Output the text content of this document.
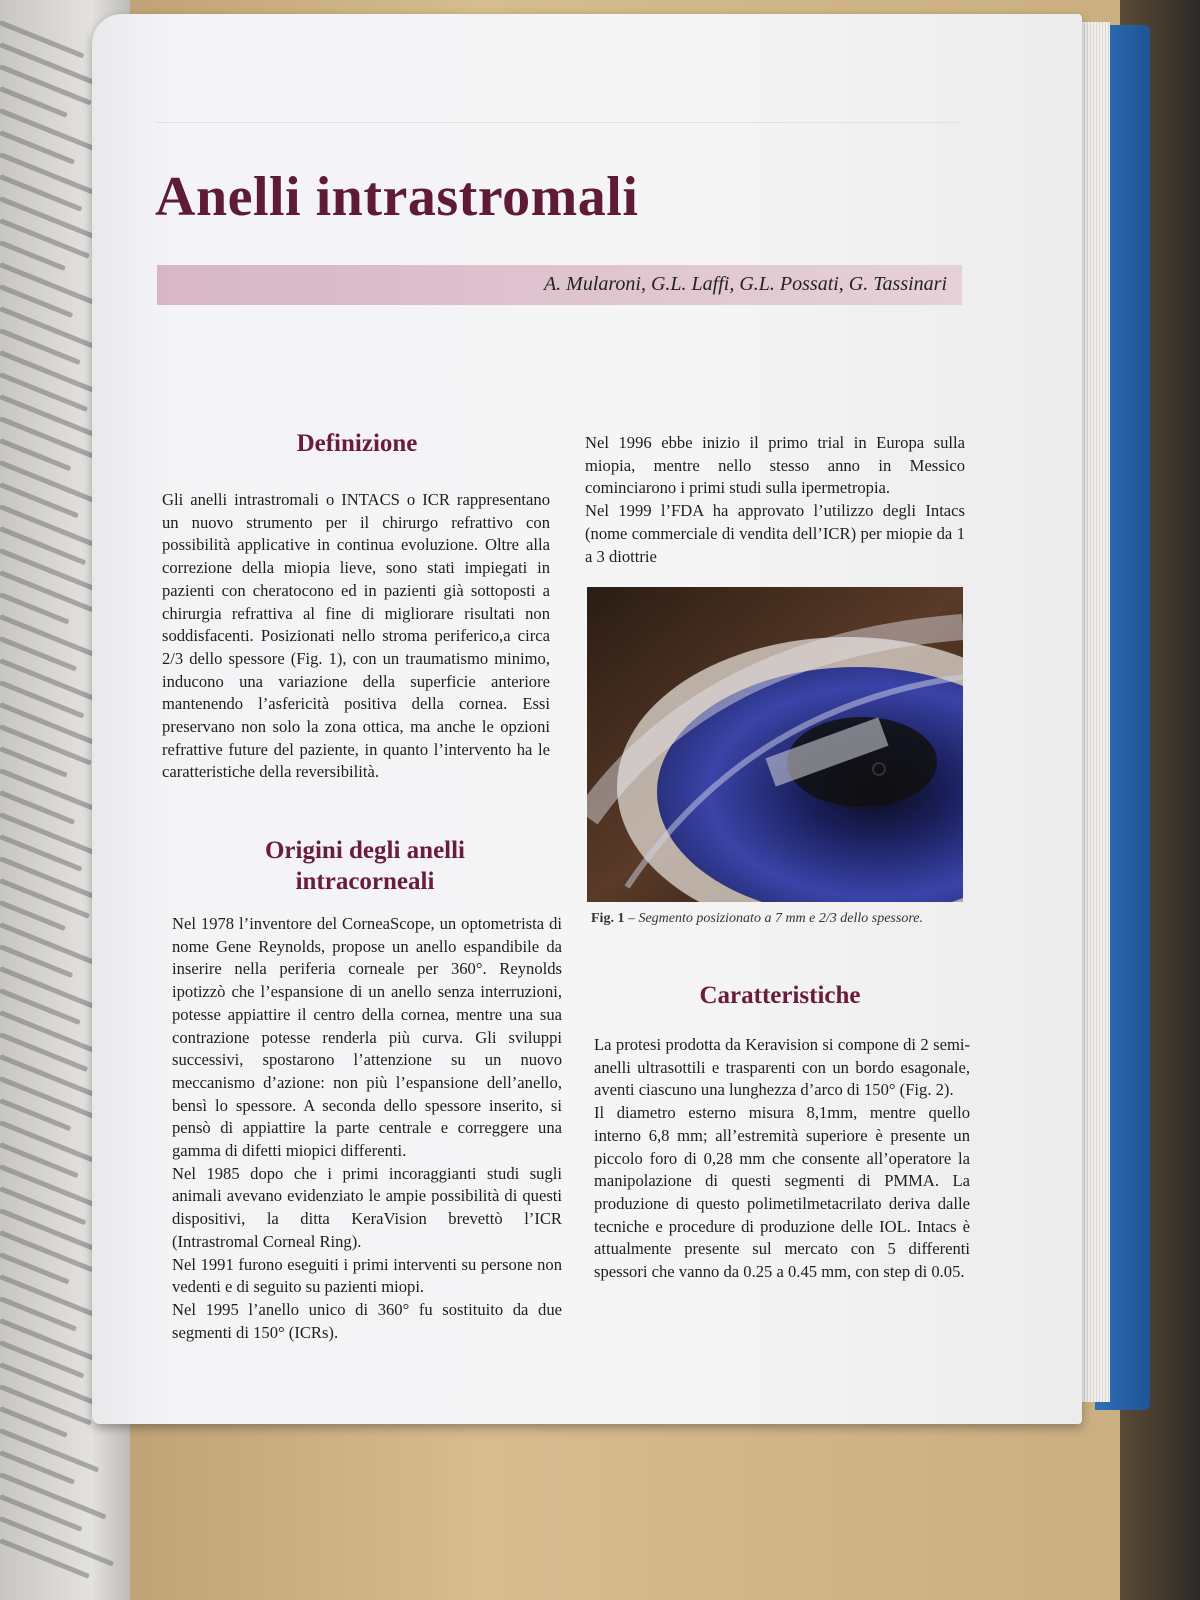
Anelli intrastromali
A. Mularoni, G.L. Laffi, G.L. Possati, G. Tassinari
Definizione

Gli anelli intrastromali o INTACS o ICR rappresentano un nuovo strumento per il chirurgo refrattivo con possibilità applicative in continua evoluzione. Oltre alla correzione della miopia lieve, sono stati impiegati in pazienti con cheratocono ed in pazienti già sottoposti a chirurgia refrattiva al fine di migliorare risultati non soddisfacenti. Posizionati nello stroma periferico,a circa 2/3 dello spessore (Fig. 1), con un traumatismo minimo, inducono una variazione della superficie anteriore mantenendo l’asfericità positiva della cornea. Essi preservano non solo la zona ottica, ma anche le opzioni refrattive future del paziente, in quanto l’intervento ha le caratteristiche della reversibilità.

Origini degli anelli
intracorneali

Nel 1978 l’inventore del CorneaScope, un optometrista di nome Gene Reynolds, propose un anello espandibile da inserire nella periferia corneale per 360°. Reynolds ipotizzò che l’espansione di un anello senza interruzioni, potesse appiattire il centro della cornea, mentre una sua contrazione potesse renderla più curva. Gli sviluppi successivi, spostarono l’attenzione su un nuovo meccanismo d’azione: non più l’espansione dell’anello, bensì lo spessore. A seconda dello spessore inserito, si pensò di appiattire la parte centrale e correggere una gamma di difetti miopici differenti.

Nel 1985 dopo che i primi incoraggianti studi sugli animali avevano evidenziato le ampie possibilità di questi dispositivi, la ditta KeraVision brevettò l’ICR (Intrastromal Corneal Ring).

Nel 1991 furono eseguiti i primi interventi su persone non vedenti e di seguito su pazienti miopi.

Nel 1995 l’anello unico di 360° fu sostituito da due segmenti di 150° (ICRs).

Nel 1996 ebbe inizio il primo trial in Europa sulla miopia, mentre nello stesso anno in Messico cominciarono i primi studi sulla ipermetropia.

Nel 1999 l’FDA ha approvato l’utilizzo degli Intacs (nome commerciale di vendita dell’ICR) per miopie da 1 a 3 diottrie

Fig. 1 – Segmento posizionato a 7 mm e 2/3 dello spessore.
Caratteristiche

La protesi prodotta da Keravision si compone di 2 semi-anelli ultrasottili e trasparenti con un bordo esagonale, aventi ciascuno una lunghezza d’arco di 150° (Fig. 2).

Il diametro esterno misura 8,1mm, mentre quello interno 6,8 mm; all’estremità superiore è presente un piccolo foro di 0,28 mm che consente all’operatore la manipolazione di questi segmenti di PMMA. La produzione di questo polimetilmetacrilato deriva dalle tecniche e procedure di produzione delle IOL. Intacs è attualmente presente sul mercato con 5 differenti spessori che vanno da 0.25 a 0.45 mm, con step di 0.05.
